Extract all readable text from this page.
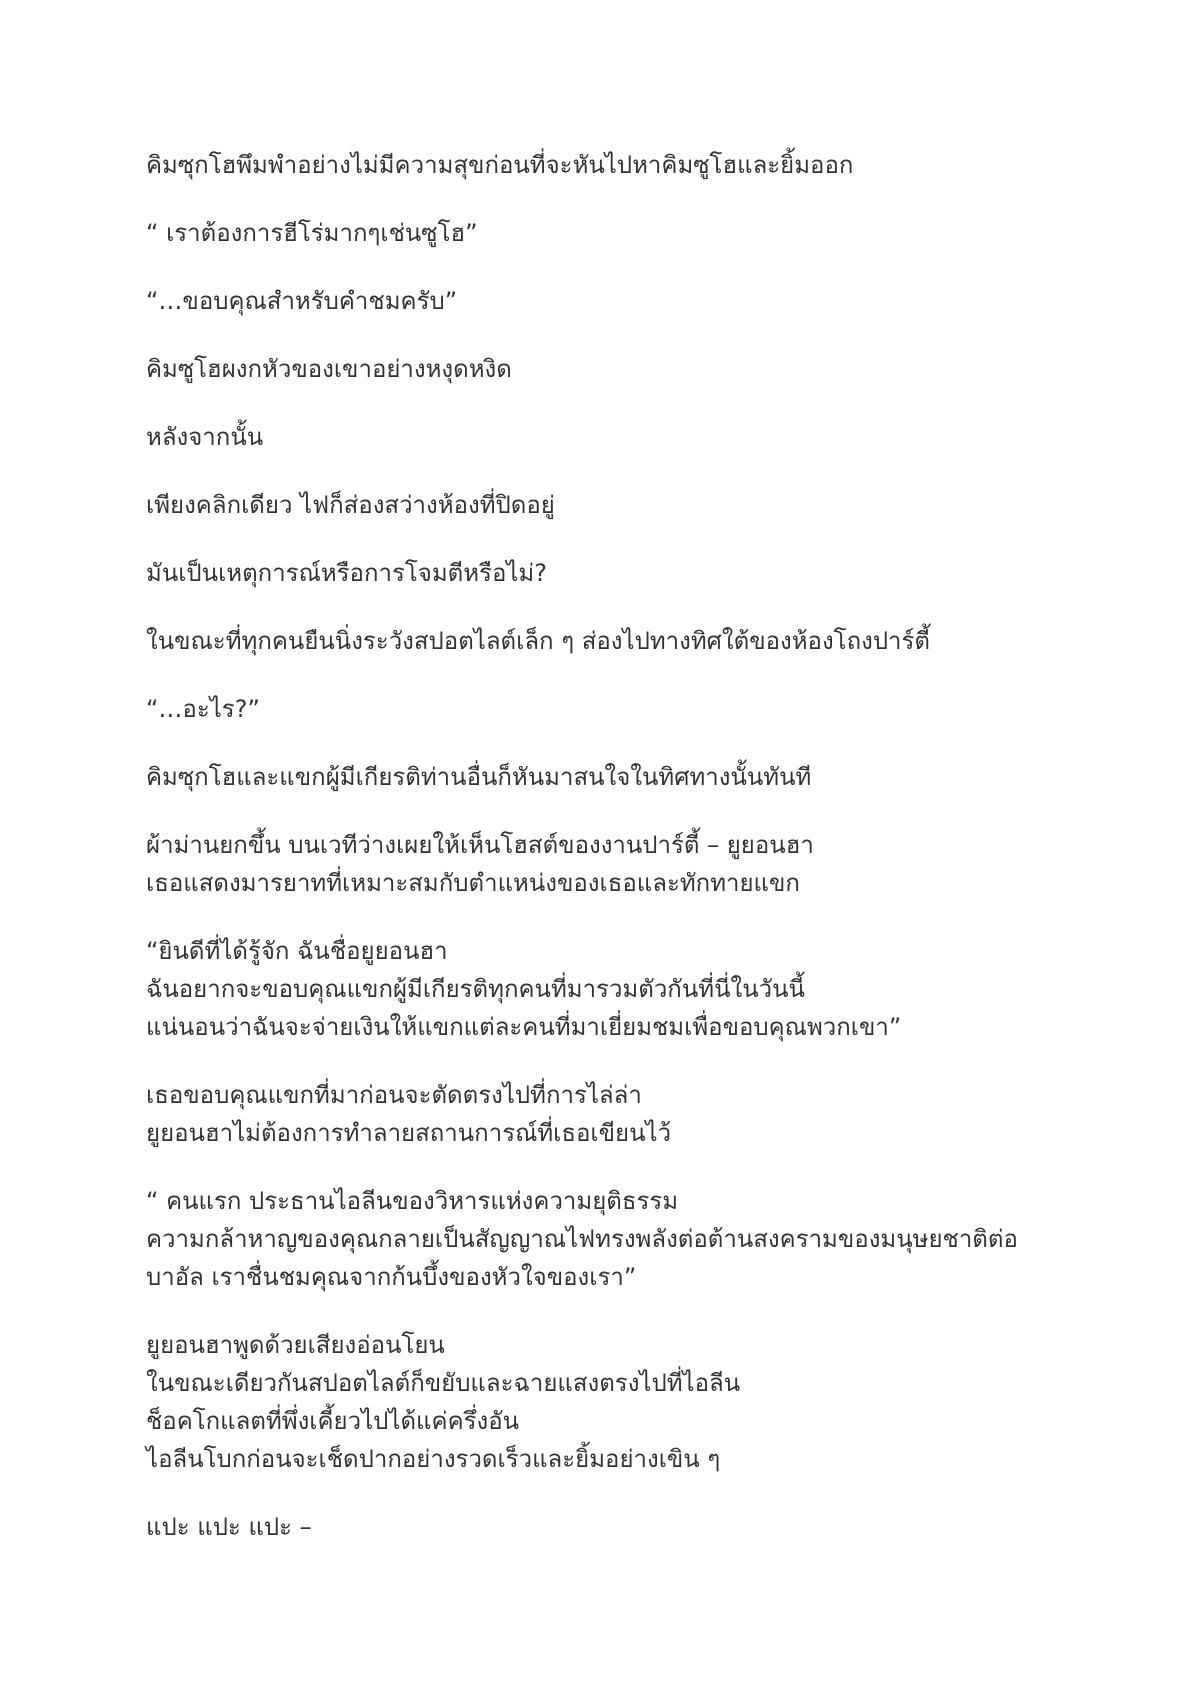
คิมซุกโฮพึมพำอย่างไม่มีความสุขก่อนที่จะหันไปหาคิมซูโฮและยิ้มออก

“ เราต้องการฮีโร่มากๆเช่นซูโฮ”

“…ขอบคุณสำหรับคำชมครับ”

คิมซูโฮผงกหัวของเขาอย่างหงุดหงิด

หลังจากนั้น

เพียงคลิกเดียว ไฟก็ส่องสว่างห้องที่ปิดอยู่

มันเป็นเหตุการณ์หรือการโจมตีหรือไม่?

ในขณะที่ทุกคนยืนนิ่งระวังสปอตไลต์เล็ก ๆ ส่องไปทางทิศใต้ของห้องโถงปาร์ตี้

“…อะไร?”

คิมซุกโฮและแขกผู้มีเกียรติท่านอื่นก็หันมาสนใจในทิศทางนั้นทันที

ผ้าม่านยกขึ้น บนเวทีว่างเผยให้เห็นโฮสต์ของงานปาร์ตี้ – ยูยอนฮา
เธอแสดงมารยาทที่เหมาะสมกับตำแหน่งของเธอและทักทายแขก

“ยินดีที่ได้รู้จัก ฉันชื่อยูยอนฮา
ฉันอยากจะขอบคุณแขกผู้มีเกียรติทุกคนที่มารวมตัวกันที่นี่ในวันนี้
แน่นอนว่าฉันจะจ่ายเงินให้แขกแต่ละคนที่มาเยี่ยมชมเพื่อขอบคุณพวกเขา”

เธอขอบคุณแขกที่มาก่อนจะตัดตรงไปที่การไล่ล่า
ยูยอนฮาไม่ต้องการทำลายสถานการณ์ที่เธอเขียนไว้

“ คนแรก ประธานไอลีนของวิหารแห่งความยุติธรรม
ความกล้าหาญของคุณกลายเป็นสัญญาณไฟทรงพลังต่อต้านสงครามของมนุษยชาติต่อ
บาอัล เราชื่นชมคุณจากก้นบึ้งของหัวใจของเรา”

ยูยอนฮาพูดด้วยเสียงอ่อนโยน
ในขณะเดียวกันสปอตไลต์ก็ขยับและฉายแสงตรงไปที่ไอลีน
ช็อคโกแลตที่พึ่งเคี้ยวไปได้แค่ครึ่งอัน
ไอลีนโบกก่อนจะเช็ดปากอย่างรวดเร็วและยิ้มอย่างเขิน ๆ

แปะ แปะ แปะ –
